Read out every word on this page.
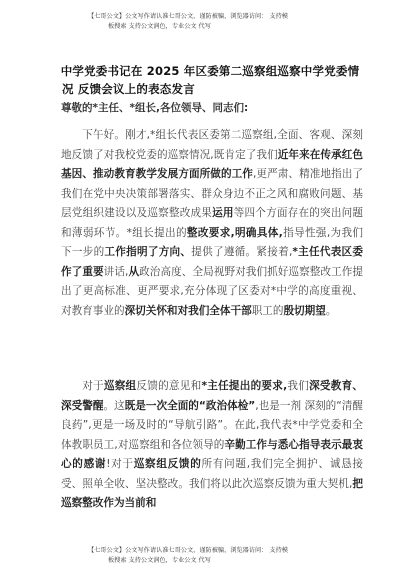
【七哥公文】公文写作请认准七哥公文，谨防被骗，浏览器访问： 支持模
板搜索 支持公文润色，专业公文 代写
中学党委书记在 2025 年区委第二巡察组巡察中学党委情
况 反馈会议上的表态发言
尊敬的*主任、*组长,各位领导、同志们:
下午好。刚才,*组长代表区委第二巡察组,全面、客观、深刻地反馈了对我校党委的巡察情况,既肯定了我们近年来在传承红色基因、推动教育教学发展方面所做的工作,更严肃、精准地指出了我们在党中央决策部署落实、群众身边不正之风和腐败问题、基层党组织建设以及巡察整改成果运用等四个方面存在的突出问题和薄弱环节。*组长提出的整改要求,明确具体,指导性强,为我们下一步的工作指明了方向、提供了遵循。紧接着,*主任代表区委作了重要讲话,从政治高度、全局视野对我们抓好巡察整改工作提出了更高标准、更严要求,充分体现了区委对*中学的高度重视、对教育事业的深切关怀和对我们全体干部职工的殷切期望。
对于巡察组反馈的意见和*主任提出的要求,我们深受教育、深受警醒。这既是一次全面的“政治体检”,也是一剂 深刻的“清醒良药”,更是一场及时的“导航引路”。在此,我代表*中学党委和全体教职员工,对巡察组和各位领导的辛勤工作与悉心指导表示最衷心的感谢!对于巡察组反馈的所有问题,我们完全拥护、诚恳接受、照单全收、坚决整改。我们将以此次巡察反馈为重大契机,把巡察整改作为当前和
【七哥公文】公文写作请认准七哥公文，谨防被骗，浏览器访问： 支持模
板搜索 支持公文润色，专业公文 代写
